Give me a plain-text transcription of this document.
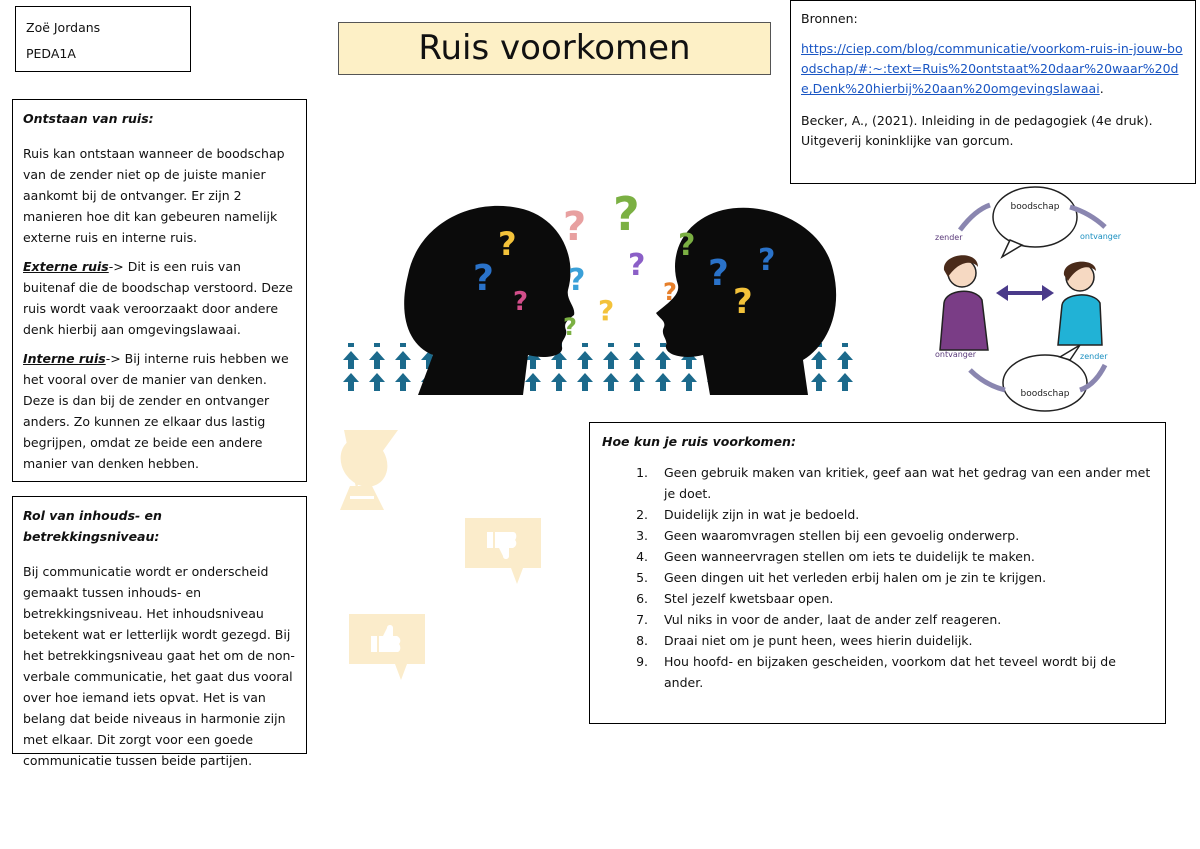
Zoë Jordans
PEDA1A	Ruis voorkomen

Bronnen:

https://ciep.com/blog/communicatie/voorkom-ruis-in-jouw-boodschap/#:~:text=Ruis%20ontstaat%20daar%20waar%20de,Denk%20hierbij%20aan%20omgevingslawaai.

Becker, A., (2021). Inleiding in de pedagogiek (4e druk). Uitgeverij koninklijke van gorcum.

Ontstaan van ruis:

Ruis kan ontstaan wanneer de boodschap van de zender niet op de juiste manier aankomt bij de ontvanger. Er zijn 2 manieren hoe dit kan gebeuren namelijk externe ruis en interne ruis.

Externe ruis-> Dit is een ruis van buitenaf die de boodschap verstoord. Deze ruis wordt vaak veroorzaakt door andere denk hierbij aan omgevingslawaai.

Interne ruis-> Bij interne ruis hebben we het vooral over de manier van denken. Deze is dan bij de zender en ontvanger anders. Zo kunnen ze elkaar dus lastig begrijpen, omdat ze beide een andere manier van denken hebben.

Rol van inhouds- en betrekkingsniveau:

Bij communicatie wordt er onderscheid gemaakt tussen inhouds- en betrekkingsniveau. Het inhoudsniveau betekent wat er letterlijk wordt gezegd. Bij het betrekkingsniveau gaat het om de non-verbale communicatie, het gaat dus vooral over hoe iemand iets opvat. Het is van belang dat beide niveaus in harmonie zijn met elkaar. Dit zorgt voor een goede communicatie tussen beide partijen.

Hoe kun je ruis voorkomen:
1. Geen gebruik maken van kritiek, geef aan wat het gedrag van een ander met je doet.
2. Duidelijk zijn in wat je bedoeld.
3. Geen waaromvragen stellen bij een gevoelig onderwerp.
4. Geen wanneervragen stellen om iets te duidelijk te maken.
5. Geen dingen uit het verleden erbij halen om je zin te krijgen.
6. Stel jezelf kwetsbaar open.
7. Vul niks in voor de ander, laat de ander zelf reageren.
8. Draai niet om je punt heen, wees hierin duidelijk.
9. Hou hoofd- en bijzaken gescheiden, voorkom dat het teveel wordt bij de ander.
? ?
?
?
?
?
?
?
?
?
?
?
?
?
boodschap
boodschap
zender	ontvanger
ontvanger	zender
